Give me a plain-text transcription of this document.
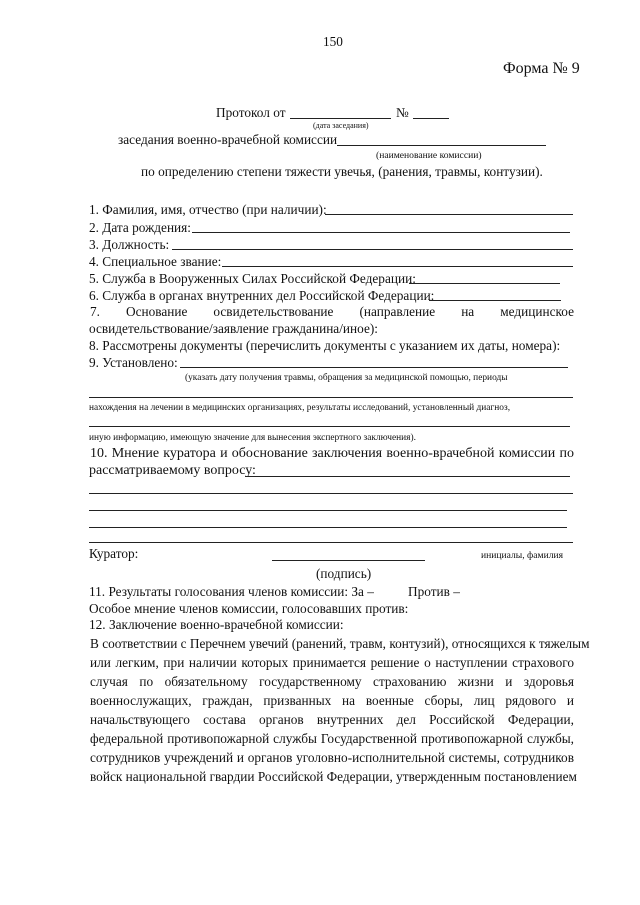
150
Форма № 9
Протокол от	№
(дата заседания)
заседания военно-врачебной комиссии
(наименование комиссии)
по определению степени тяжести увечья, (ранения, травмы, контузии).
1. Фамилия, имя, отчество (при наличии):
2. Дата рождения:
3. Должность:
4. Специальное звание:
5. Служба в Вооруженных Силах Российской Федерации:
6. Служба в органах внутренних дел Российской Федерации:
7. Основание освидетельствование (направление на медицинское
освидетельствование/заявление гражданина/иное):
8. Рассмотрены документы (перечислить документы с указанием их даты, номера):
9. Установлено:
(указать дату получения травмы, обращения за медицинской помощью, периоды
нахождения на лечении в медицинских организациях, результаты исследований, установленный диагноз,
иную информацию, имеющую значение для вынесения экспертного заключения).
10. Мнение куратора и обоснование заключения военно-врачебной комиссии по
рассматриваемому вопросу:
Куратор:	инициалы, фамилия
(подпись)
11. Результаты голосования членов комиссии: За –	Против –
Особое мнение членов комиссии, голосовавших против:
12. Заключение военно-врачебной комиссии:
В соответствии с Перечнем увечий (ранений, травм, контузий), относящихся к тяжелым
или легким, при наличии которых принимается решение о наступлении страхового
случая по обязательному государственному страхованию жизни и здоровья
военнослужащих, граждан, призванных на военные сборы, лиц рядового и
начальствующего состава органов внутренних дел Российской Федерации,
федеральной противопожарной службы Государственной противопожарной службы,
сотрудников учреждений и органов уголовно-исполнительной системы, сотрудников
войск национальной гвардии Российской Федерации, утвержденным постановлением
